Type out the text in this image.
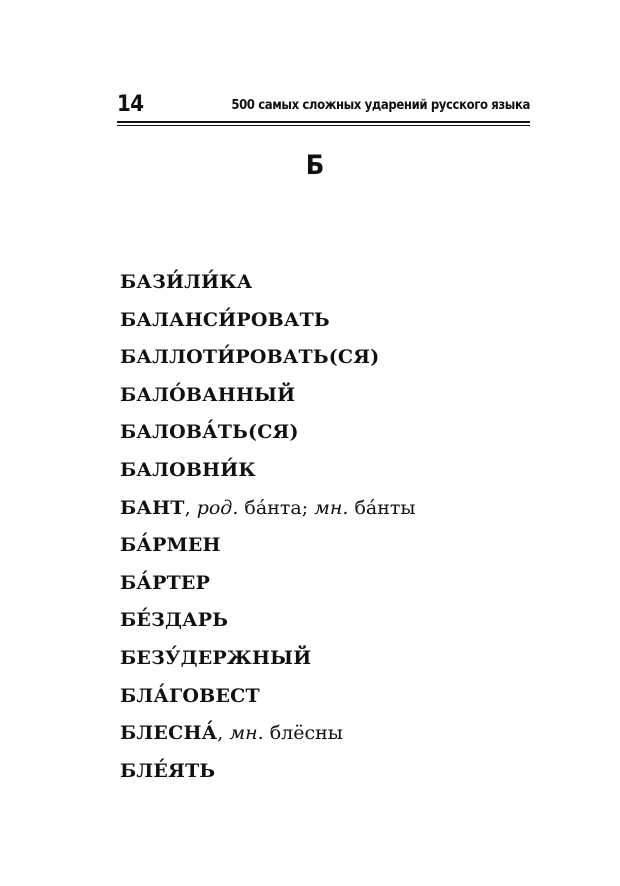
14	500 самых сложных ударений русского языка
Б
БАЗИ́ЛИ́КА
БАЛАНСИ́РОВАТЬ
БАЛЛОТИ́РОВАТЬ(СЯ)
БАЛО́ВАННЫЙ
БАЛОВА́ТЬ(СЯ)
БАЛОВНИ́К
БАНТ, род. ба́нта; мн. ба́нты
БА́РМЕН
БА́РТЕР
БЕ́ЗДАРЬ
БЕЗУ́ДЕРЖНЫЙ
БЛА́ГОВЕСТ
БЛЕСНА́, мн. блёсны
БЛЕ́ЯТЬ
